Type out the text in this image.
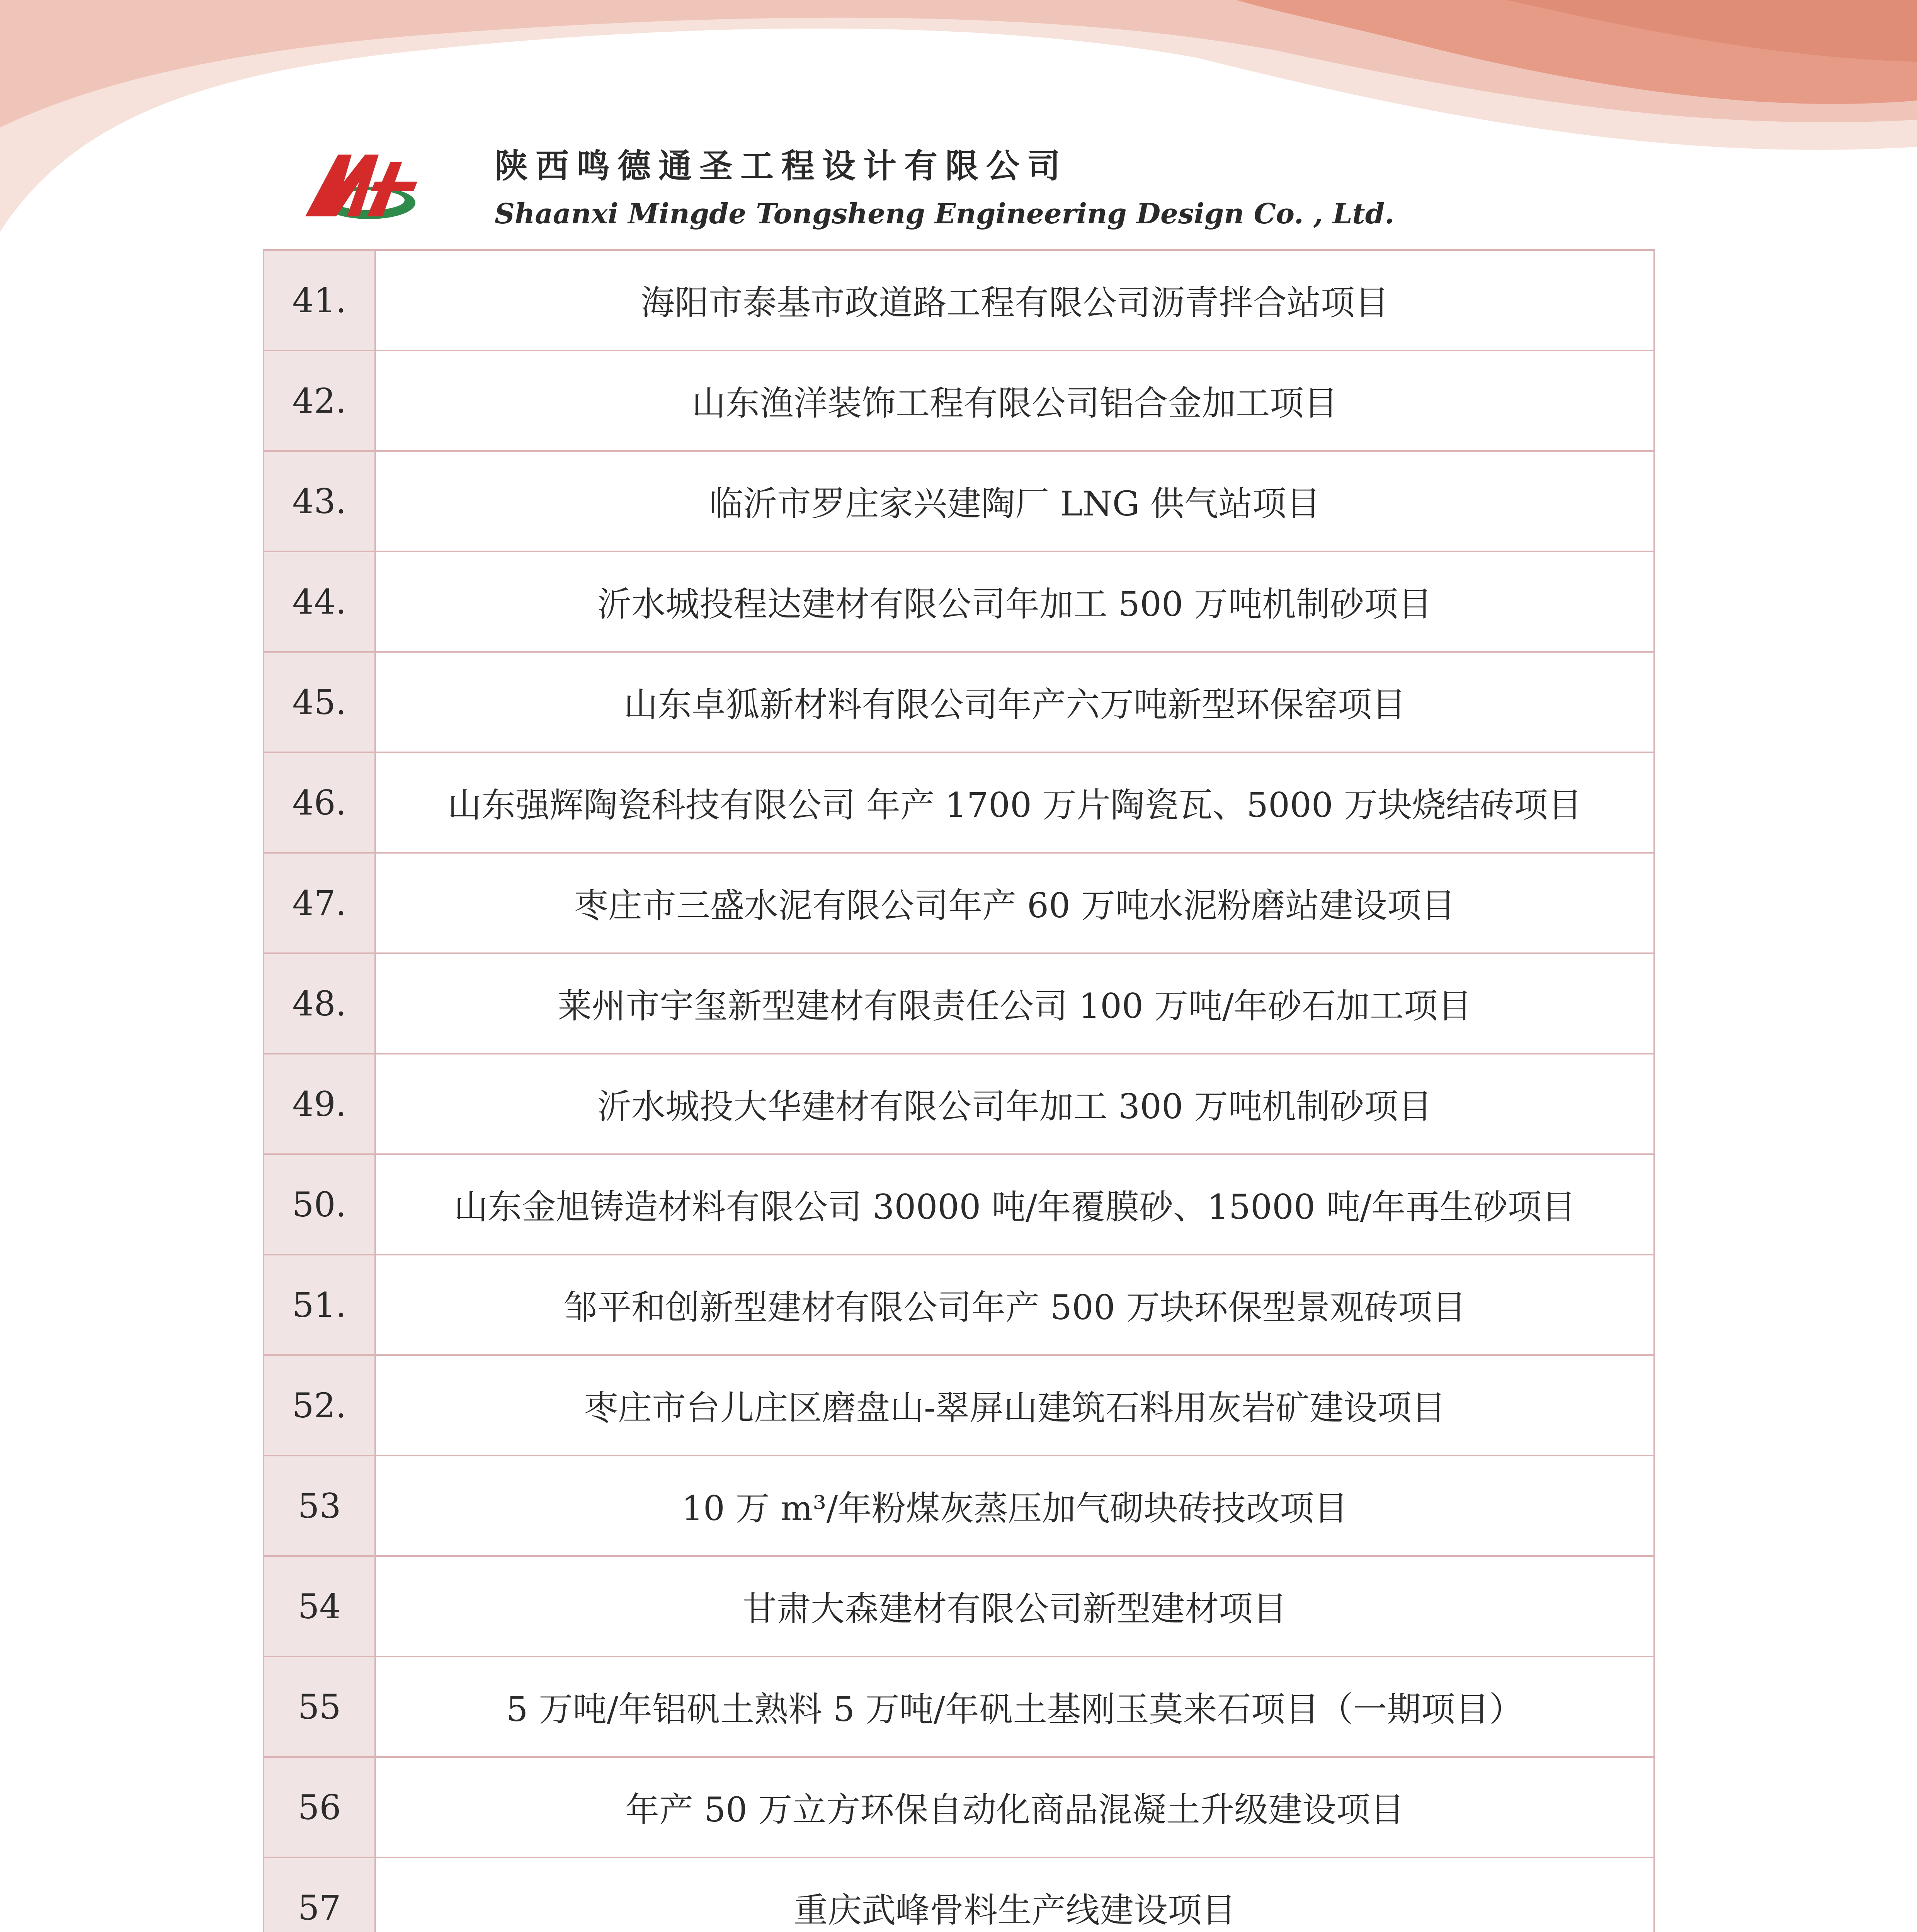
陕西鸣德通圣工程设计有限公司
Shaanxi Mingde Tongsheng Engineering Design Co. , Ltd.
41.	海阳市泰基市政道路工程有限公司沥青拌合站项目
42.	山东渔洋装饰工程有限公司铝合金加工项目
43.	临沂市罗庄家兴建陶厂 LNG 供气站项目
44.	沂水城投程达建材有限公司年加工 500 万吨机制砂项目
45.	山东卓狐新材料有限公司年产六万吨新型环保窑项目
46.	山东强辉陶瓷科技有限公司 年产 1700 万片陶瓷瓦、5000 万块烧结砖项目
47.	枣庄市三盛水泥有限公司年产 60 万吨水泥粉磨站建设项目
48.	莱州市宇玺新型建材有限责任公司 100 万吨/年砂石加工项目
49.	沂水城投大华建材有限公司年加工 300 万吨机制砂项目
50.	山东金旭铸造材料有限公司 30000 吨/年覆膜砂、15000 吨/年再生砂项目
51.	邹平和创新型建材有限公司年产 500 万块环保型景观砖项目
52.	枣庄市台儿庄区磨盘山-翠屏山建筑石料用灰岩矿建设项目
53	10 万 m³/年粉煤灰蒸压加气砌块砖技改项目
54	甘肃大森建材有限公司新型建材项目
55	5 万吨/年铝矾土熟料 5 万吨/年矾土基刚玉莫来石项目（一期项目）
56	年产 50 万立方环保自动化商品混凝土升级建设项目
57	重庆武峰骨料生产线建设项目
